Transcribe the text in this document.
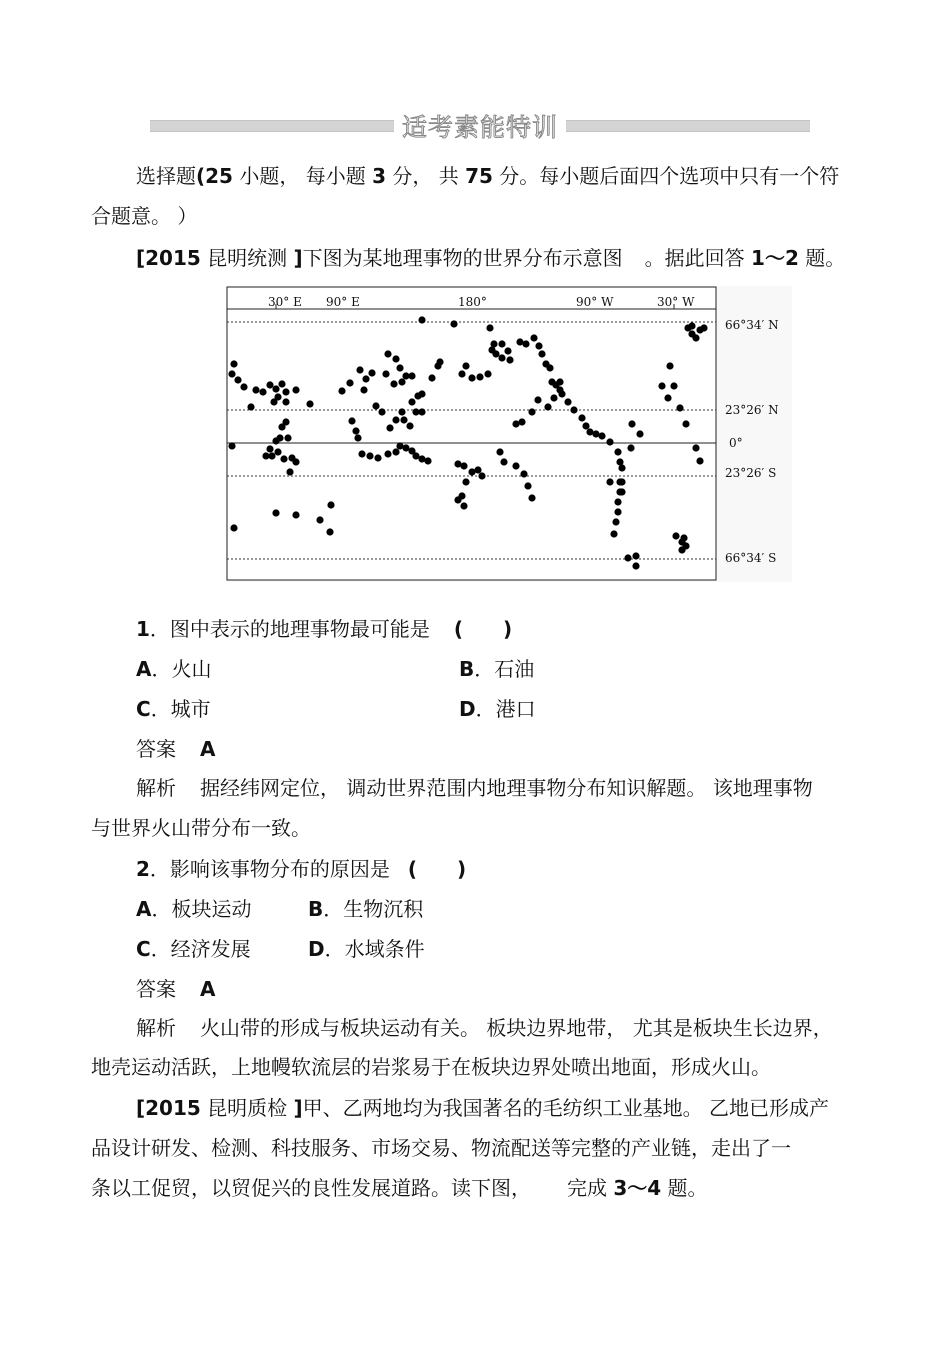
适考素能特训
选择题(25 小题， 每小题 3 分， 共 75 分。每小题后面四个选项中只有一个符
合题意。 ）
[2015 昆明统测 ]下图为某地理事物的世界分布示意图 。据此回答 1～2 题。
30° E 90° E	180°	90° W	30° W
66°34′ N
23°26′ N
0°
23°26′ S
66°34′ S
1．图中表示的地理事物最可能是 (　　)
A．火山	B．石油
C．城市	D．港口
答案 A
解析 据经纬网定位， 调动世界范围内地理事物分布知识解题。 该地理事物
与世界火山带分布一致。
2．影响该事物分布的原因是 (　　)
A．板块运动	B．生物沉积
C．经济发展	D．水域条件
答案 A
解析 火山带的形成与板块运动有关。 板块边界地带， 尤其是板块生长边界，
地壳运动活跃，上地幔软流层的岩浆易于在板块边界处喷出地面，形成火山。
[2015 昆明质检 ]甲、乙两地均为我国著名的毛纺织工业基地。 乙地已形成产
品设计研发、检测、科技服务、市场交易、物流配送等完整的产业链，走出了一
条以工促贸，以贸促兴的良性发展道路。读下图， 完成 3～4 题。
